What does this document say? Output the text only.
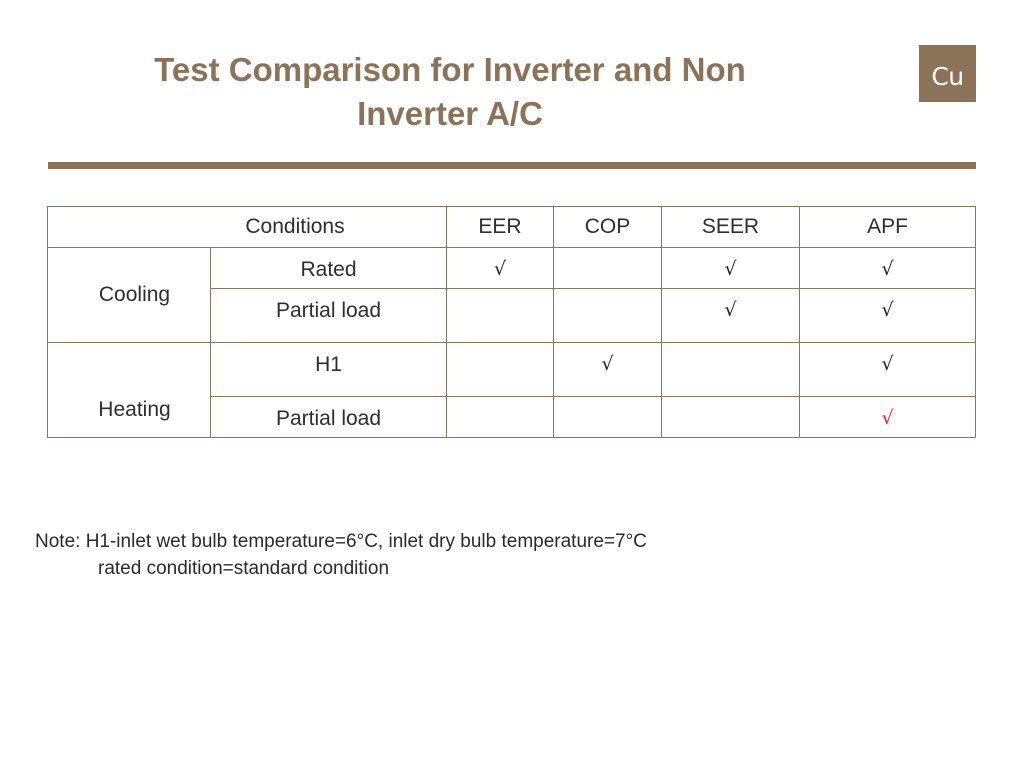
Test Comparison for Inverter and Non
Inverter A/C
Cu
Conditions		EER	COP	SEER	APF
Cooling	Rated	√		√	√
	Partial load			√	√
Heating	H1		√		√
	Partial load				√
Note: H1-inlet wet bulb temperature=6°C, inlet dry bulb temperature=7°C
rated condition=standard condition
